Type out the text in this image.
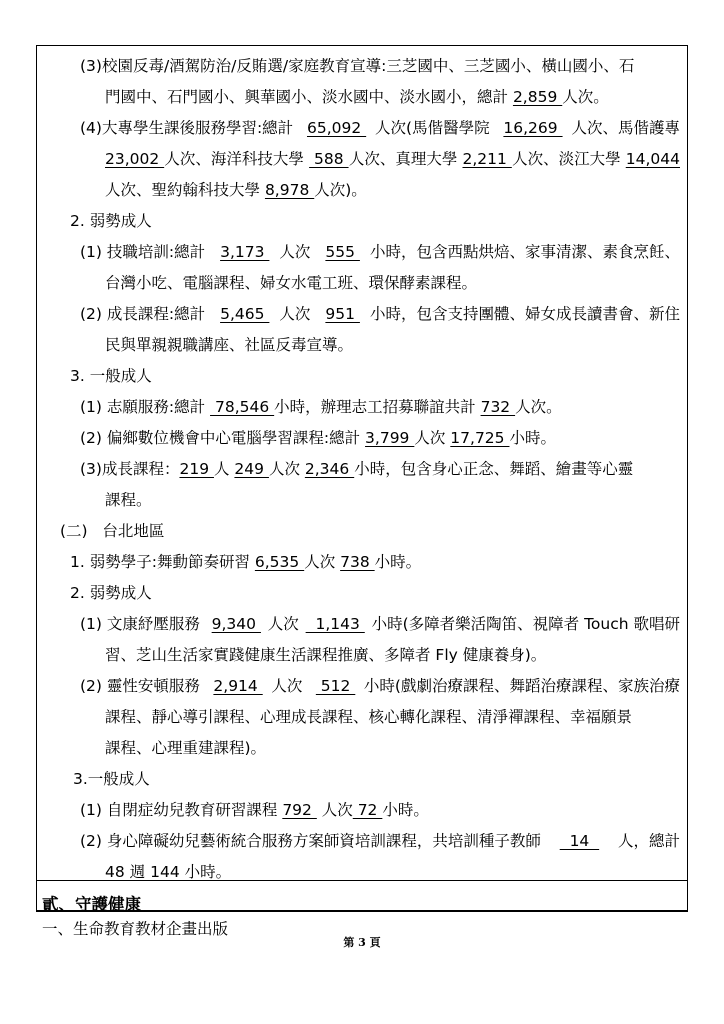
(3)校園反毒/酒駕防治/反賄選/家庭教育宣導:三芝國中、三芝國小、橫山國小、石
門國中、石門國小、興華國小、淡水國中、淡水國小，總計 2,859 人次。
(4)大專學生課後服務學習:總計 65,092 人次(馬偕醫學院 16,269 人次、馬偕護專
23,002 人次、海洋科技大學 588 人次、真理大學 2,211 人次、淡江大學 14,044
人次、聖約翰科技大學 8,978 人次)。
2. 弱勢成人
(1) 技職培訓:總計 3,173 人次 555 小時，包含西點烘焙、家事清潔、素食烹飪、
台灣小吃、電腦課程、婦女水電工班、環保酵素課程。
(2) 成長課程:總計 5,465 人次 951 小時，包含支持團體、婦女成長讀書會、新住
民與單親親職講座、社區反毒宣導。
3. 一般成人
(1) 志願服務:總計  78,546 小時，辦理志工招募聯誼共計 732 人次。
(2) 偏鄉數位機會中心電腦學習課程:總計 3,799 人次 17,725 小時。
(3)成長課程：219 人 249 人次 2,346 小時，包含身心正念、舞蹈、繪畫等心靈
課程。
(二)   台北地區
1. 弱勢學子:舞動節奏研習 6,535 人次 738 小時。
2. 弱勢成人
(1) 文康紓壓服務 9,340 人次 1,143 小時(多障者樂活陶笛、視障者 Touch 歌唱研
習、芝山生活家實踐健康生活課程推廣、多障者 Fly 健康養身)。
(2) 靈性安頓服務 2,914 人次 512 小時(戲劇治療課程、舞蹈治療課程、家族治療
課程、靜心導引課程、心理成長課程、核心轉化課程、清淨禪課程、幸福願景
課程、心理重建課程)。
3.一般成人
(1) 自閉症幼兒教育研習課程 792  人次 72 小時。
(2) 身心障礙幼兒藝術統合服務方案師資培訓課程，共培訓種子教師 14 人，總計
48 週 144 小時。
貳、守護健康
一、生命教育教材企畫出版
第 3 頁
